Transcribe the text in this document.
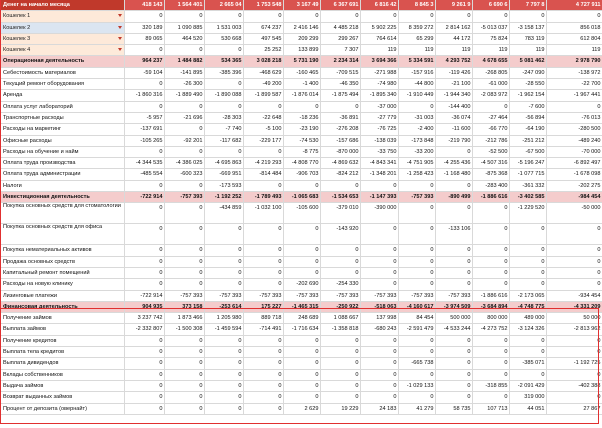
Денег на начало месяца	418 143	1 564 401	2 665 04	1 753 548	3 167 49	6 367 691	6 816 42	8 845 3	9 261 9	6 690 6	7 797 8	4 727 911
Кошелек 1	0	0	0	0	0	0	0	0	0	0	0	0
Кошелек 2	320 189	1 090 885	1 531 003	674 237	2 416 146	4 485 218	5 902 225	8 359 272	2 814 162	-5 013 037	-3 158 137	856 018
Кошелек 3	89 065	464 520	530 668	497 545	209 299	299 267	764 614	65 299	44 172	75 824	783 119	612 804
Кошелек 4	0	0	0	25 252	133 899	7 307	119	119	119	119	119	119
Операционная деятельность	964 237	1 484 882	534 365	3 028 218	5 731 190	2 234 314	3 694 366	5 334 591	4 293 752	4 678 655	5 081 462	2 978 790
Себестоимость материалов	-59 104	-141 895	-385 396	-468 629	-160 465	-709 515	-271 988	-157 916	-119 426	-268 805	-247 090	-138 972
Текущий ремонт оборудования	0	-26 300	0	-49 200	-1 400	-46 350	-74 980	-44 800	-21 100	-61 000	-28 550	-22 700
Аренда	-1 860 316	-1 889 490	-1 890 088	-1 899 587	-1 876 014	-1 875 494	-1 895 340	-1 910 449	-1 944 340	-2 083 972	-1 962 154	-1 967 441
Оплата услуг лабораторий	0	0	0	0	0	0	-37 000	0	-144 400	0	-7 600	0
Транспортные расходы	-5 957	-21 696	-28 303	-22 648	-18 236	-36 891	-27 779	-31 003	-36 074	-27 464	-56 894	-76 013
Расходы на маркетинг	-137 691	0	-7 740	-5 100	-23 190	-276 208	-76 725	-2 400	-11 600	-66 770	-64 190	-280 500
Офисные расходы	-105 265	-92 201	-117 682	-229 177	-74 530	-157 686	-138 039	-173 848	-219 790	-212 786	-251 212	-489 240
Расходы на обучение и найм	0	0	0	0	-8 775	-870 000	-33 750	-33 200	0	-52 500	-67 500	-70 000
Оплата труда производства	-4 344 535	-4 386 025	-4 695 863	-4 219 293	-4 808 770	-4 869 632	-4 843 341	-4 751 905	-4 255 436	-4 507 316	-5 196 247	-6 892 497
Оплата труда администрации	-485 554	-600 323	-669 951	-814 484	-906 703	-824 212	-1 348 201	-1 258 423	-1 168 480	-875 368	-1 077 715	-1 678 098
Налоги	0	0	-173 593	0	0	0	0	0	0	-283 400	-361 332	-202 275
Инвестиционная деятельность	-722 914	-757 393	-1 192 252	-1 789 493	-1 065 683	-1 534 653	-1 147 393	-757 393	-890 499	-1 886 616	-3 402 585	-984 454
Покупка основных средств для стоматологии	0	0	-434 859	-1 032 100	-105 600	-379 010	-390 000	0	0	0	-1 229 520	-50 000
Покупка основных средств для офиса	0	0	0	0	0	-143 920	0	0	-133 106	0	0	0
Покупка нематериальных активов	0	0	0	0	0	0	0	0	0	0	0	0
Продажа основных средств	0	0	0	0	0	0	0	0	0	0	0	0
Капитальный ремонт помещений	0	0	0	0	0	0	0	0	0	0	0	0
Расходы на новую клинику	0	0	0	0	-202 690	-254 330	0	0	0	0	0	0
Лизинговые платежи	-722 914	-757 393	-757 393	-757 393	-757 393	-757 393	-757 393	-757 393	-757 393	-1 886 616	-2 173 065	-934 454
Финансовая деятельность	904 935	373 158	-253 614	175 227	-1 465 315	-250 922	-518 063	-4 160 617	-3 974 509	-3 684 894	-4 748 775	-4 331 209
Получение займов	3 237 742	1 873 466	1 205 980	889 718	248 689	1 088 667	137 998	84 454	500 000	800 000	489 000	50 000
Выплата займов	-2 332 807	-1 500 308	-1 459 594	-714 491	-1 716 634	-1 358 818	-680 243	-2 591 479	-4 533 244	-4 273 752	-3 124 326	-2 813 962
Получение кредитов	0	0	0	0	0	0	0	0	0	0	0	0
Выплата тела кредитов	0	0	0	0	0	0	0	0	0	0	0	0
Выплата дивидендов	0	0	0	0	0	0	0	-665 738	0	0	-385 071	-1 192 725
Вклады собственников	0	0	0	0	0	0	0	0	0	0	0	0
Выдача займов	0	0	0	0	0	0	0	-1 029 133	0	-318 855	-2 091 429	-402 388
Возврат выданных займов	0	0	0	0	0	0	0	0	0	0	319 000	0
Процент от депозита (овернайт)	0	0	0	0	2 629	19 229	24 183	41 279	58 735	107 713	44 051	27 867
